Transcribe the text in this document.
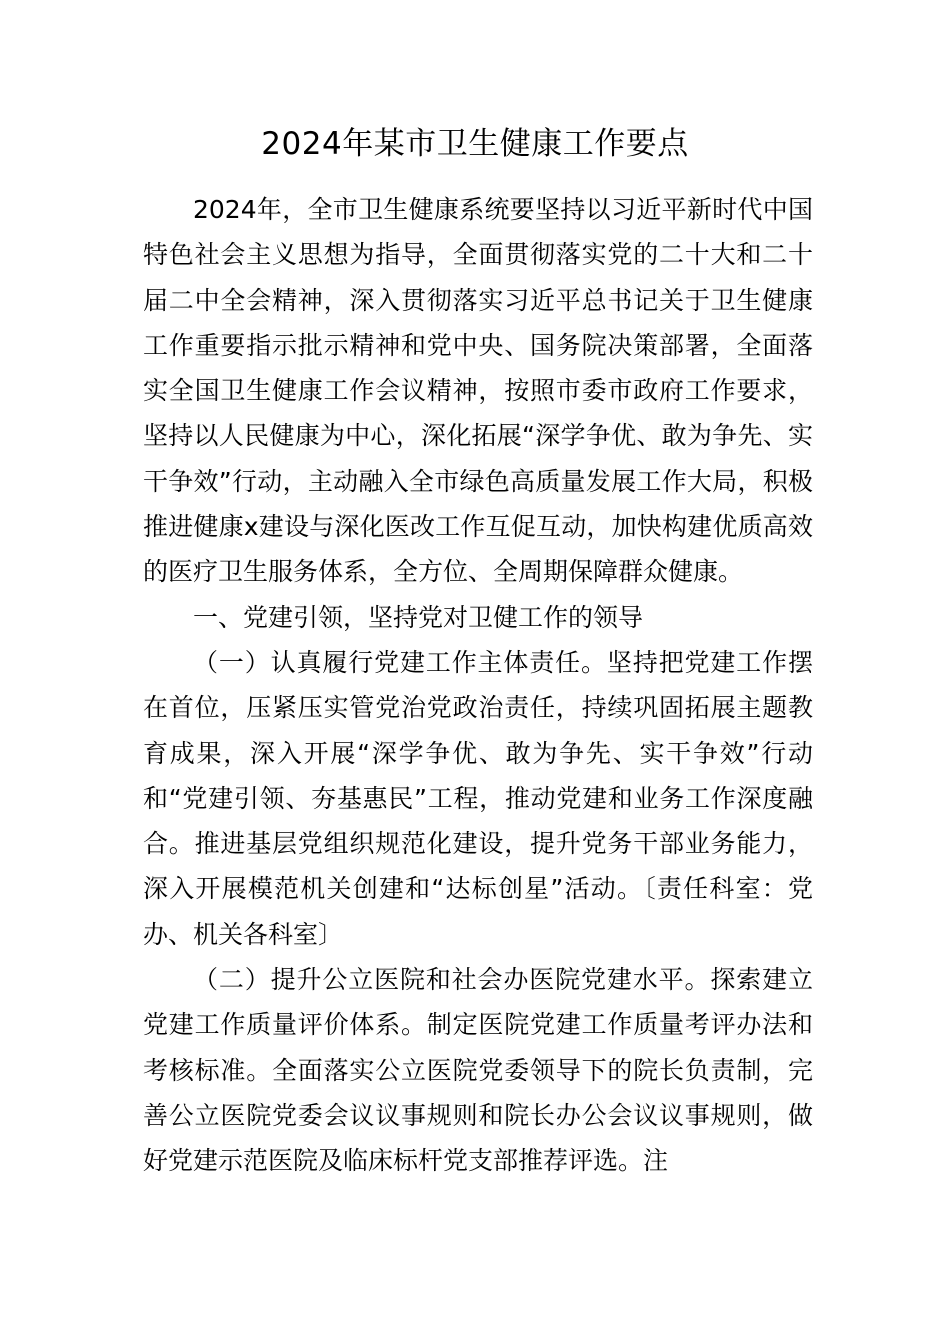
2024年某市卫生健康工作要点

2024年，全市卫生健康系统要坚持以习近平新时代中国特色社会主义思想为指导，全面贯彻落实党的二十大和二十届二中全会精神，深入贯彻落实习近平总书记关于卫生健康工作重要指示批示精神和党中央、国务院决策部署，全面落实全国卫生健康工作会议精神，按照市委市政府工作要求，坚持以人民健康为中心，深化拓展“深学争优、敢为争先、实干争效”行动，主动融入全市绿色高质量发展工作大局，积极推进健康x建设与深化医改工作互促互动，加快构建优质高效的医疗卫生服务体系，全方位、全周期保障群众健康。

一、党建引领，坚持党对卫健工作的领导

（一）认真履行党建工作主体责任。坚持把党建工作摆在首位，压紧压实管党治党政治责任，持续巩固拓展主题教育成果，深入开展“深学争优、敢为争先、实干争效”行动和“党建引领、夯基惠民”工程，推动党建和业务工作深度融合。推进基层党组织规范化建设，提升党务干部业务能力，深入开展模范机关创建和“达标创星”活动。〔责任科室：党办、机关各科室〕

（二）提升公立医院和社会办医院党建水平。探索建立党建工作质量评价体系。制定医院党建工作质量考评办法和考核标准。全面落实公立医院党委领导下的院长负责制，完善公立医院党委会议议事规则和院长办公会议议事规则，做好党建示范医院及临床标杆党支部推荐评选。注
